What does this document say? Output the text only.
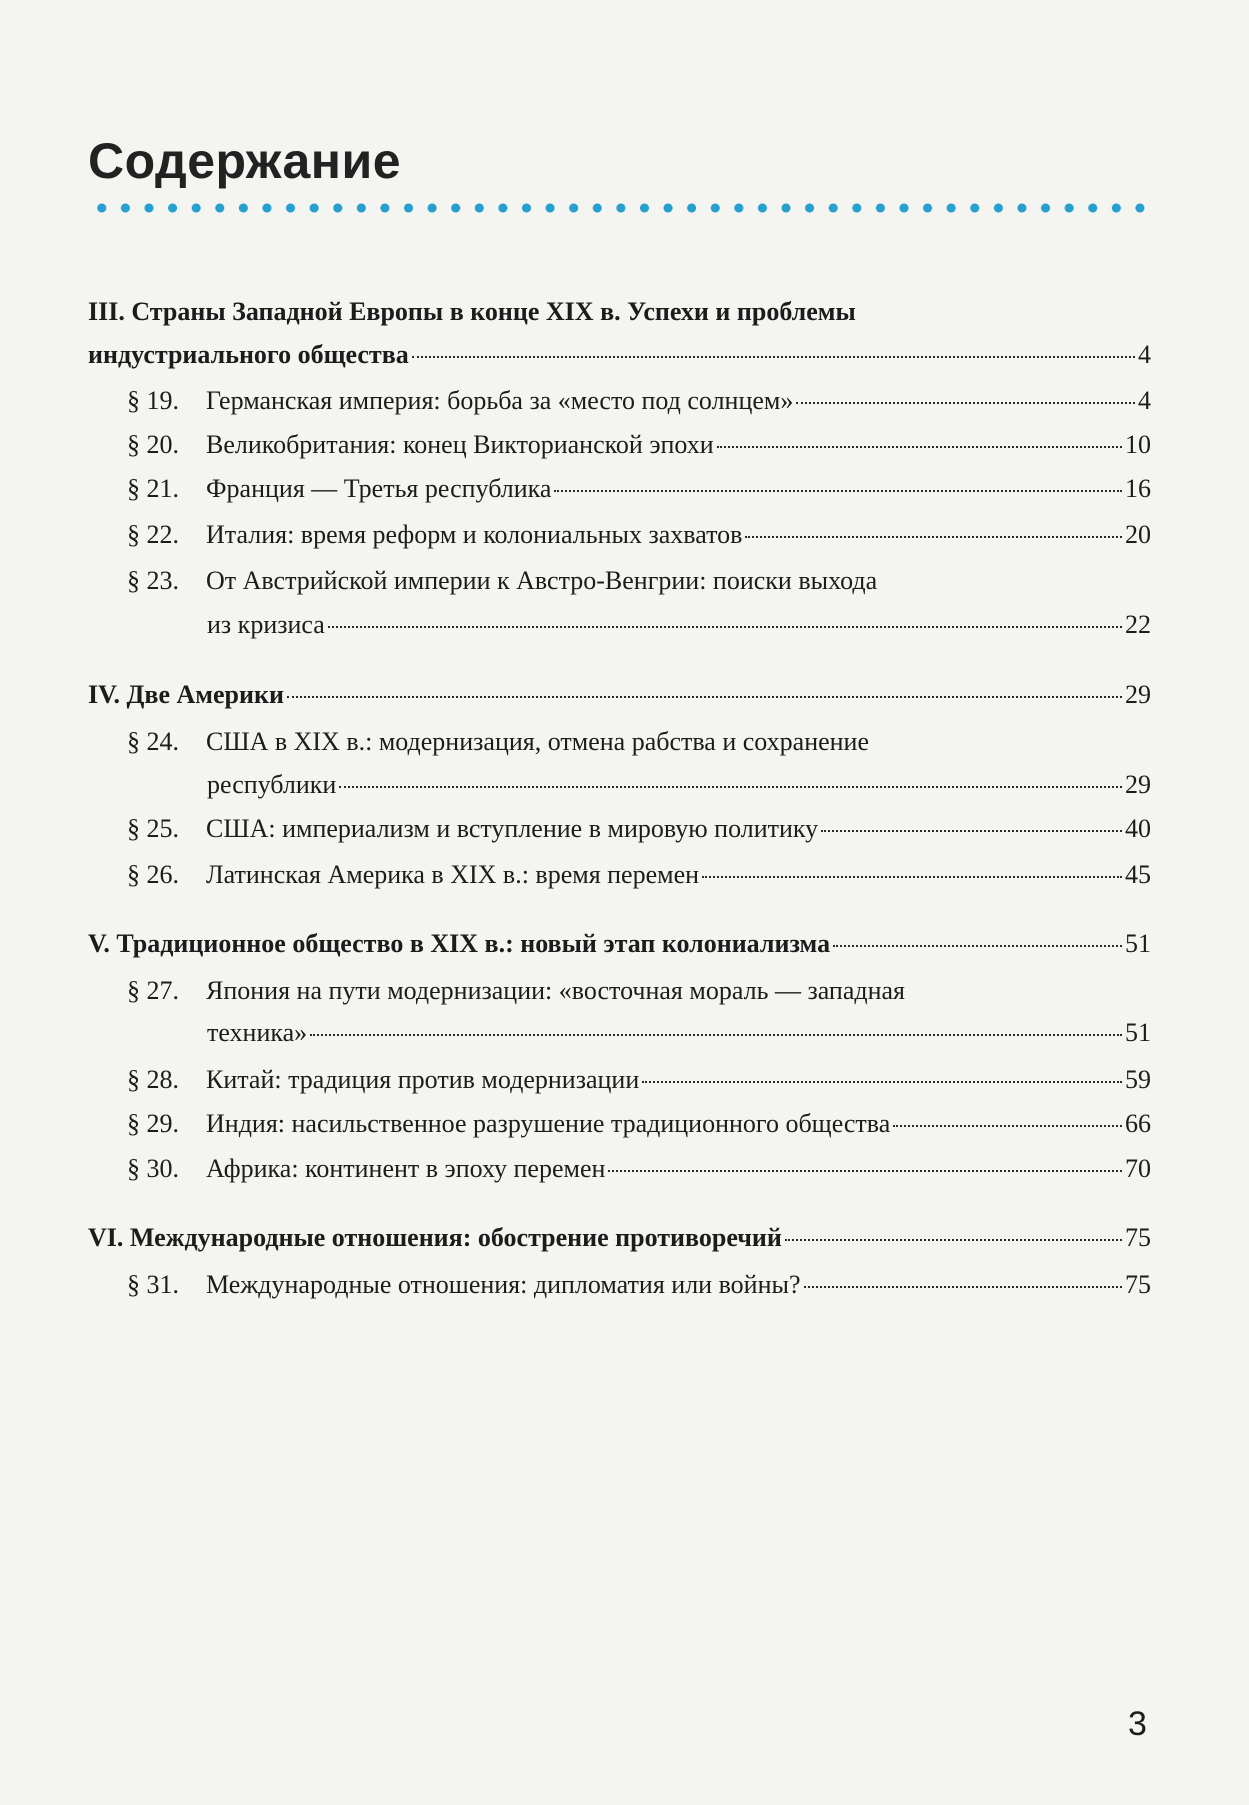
Содержание
III. Страны Западной Европы в конце XIX в. Успехи и проблемы
индустриального общества	4
§ 19.	Германская империя: борьба за «место под солнцем»	4
§ 20.	Великобритания: конец Викторианской эпохи	10
§ 21.	Франция — Третья республика	16
§ 22.	Италия: время реформ и колониальных захватов	20
§ 23.	От Австрийской империи к Австро-Венгрии: поиски выхода
из кризиса	22
IV. Две Америки	29
§ 24.	США в XIX в.: модернизация, отмена рабства и сохранение
республики	29
§ 25.	США: империализм и вступление в мировую политику	40
§ 26.	Латинская Америка в XIX в.: время перемен	45
V. Традиционное общество в XIX в.: новый этап колониализма	51
§ 27.	Япония на пути модернизации: «восточная мораль — западная
техника»	51
§ 28.	Китай: традиция против модернизации	59
§ 29.	Индия: насильственное разрушение традиционного общества	66
§ 30.	Африка: континент в эпоху перемен	70
VI. Международные отношения: обострение противоречий	75
§ 31.	Международные отношения: дипломатия или войны?	75
3
